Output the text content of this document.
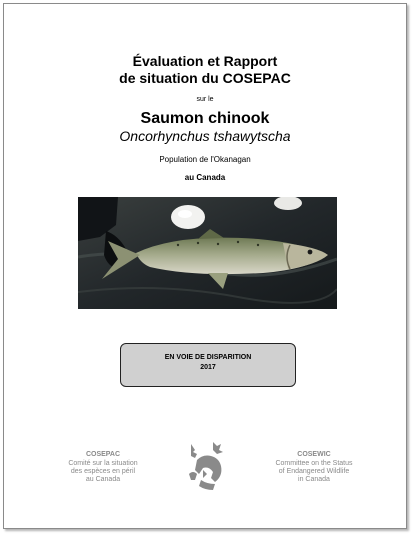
Évaluation et Rapport
de situation du COSEPAC
sur le
Saumon chinook
Oncorhynchus tshawytscha
Population de l'Okanagan
au Canada
EN VOIE DE DISPARITION
2017
COSEPAC
Comité sur la situation
des espèces en péril
au Canada
COSEWIC
Committee on the Status
of Endangered Wildlife
in Canada
